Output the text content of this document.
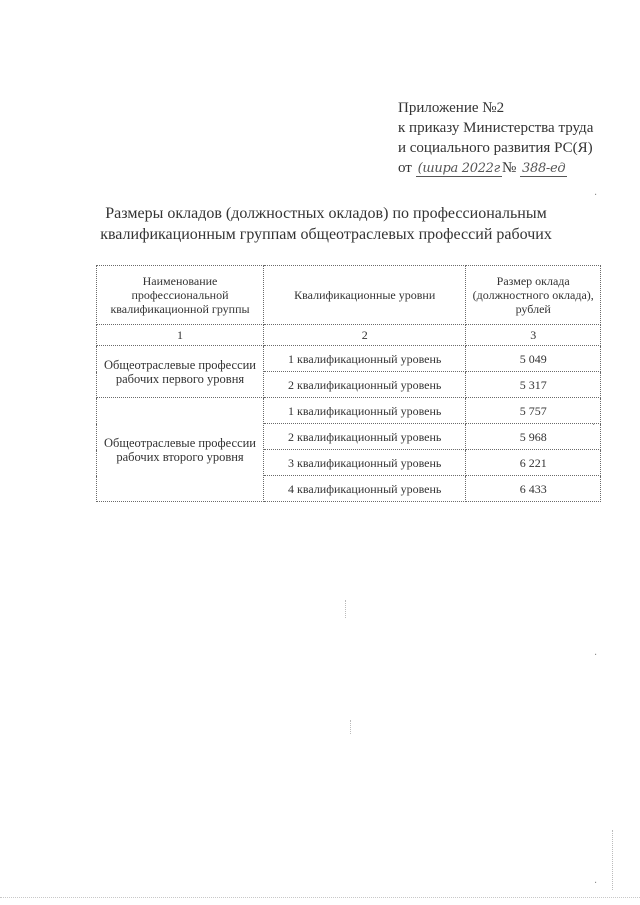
Приложение №2
к приказу Министерства труда
и социального развития РС(Я)
от (шира 2022г № 388-ед
Размеры окладов (должностных окладов) по профессиональным
квалификационным группам общеотраслевых профессий рабочих
Наименование профессиональной квалификационной группы	Квалификационные уровни	Размер оклада (должностного оклада), рублей
1	2	3
Общеотраслевые профессии рабочих первого уровня	1 квалификационный уровень	5 049
	2 квалификационный уровень	5 317
Общеотраслевые профессии рабочих второго уровня	1 квалификационный уровень	5 757
	2 квалификационный уровень	5 968
	3 квалификационный уровень	6 221
	4 квалификационный уровень	6 433
·
·
·
·
